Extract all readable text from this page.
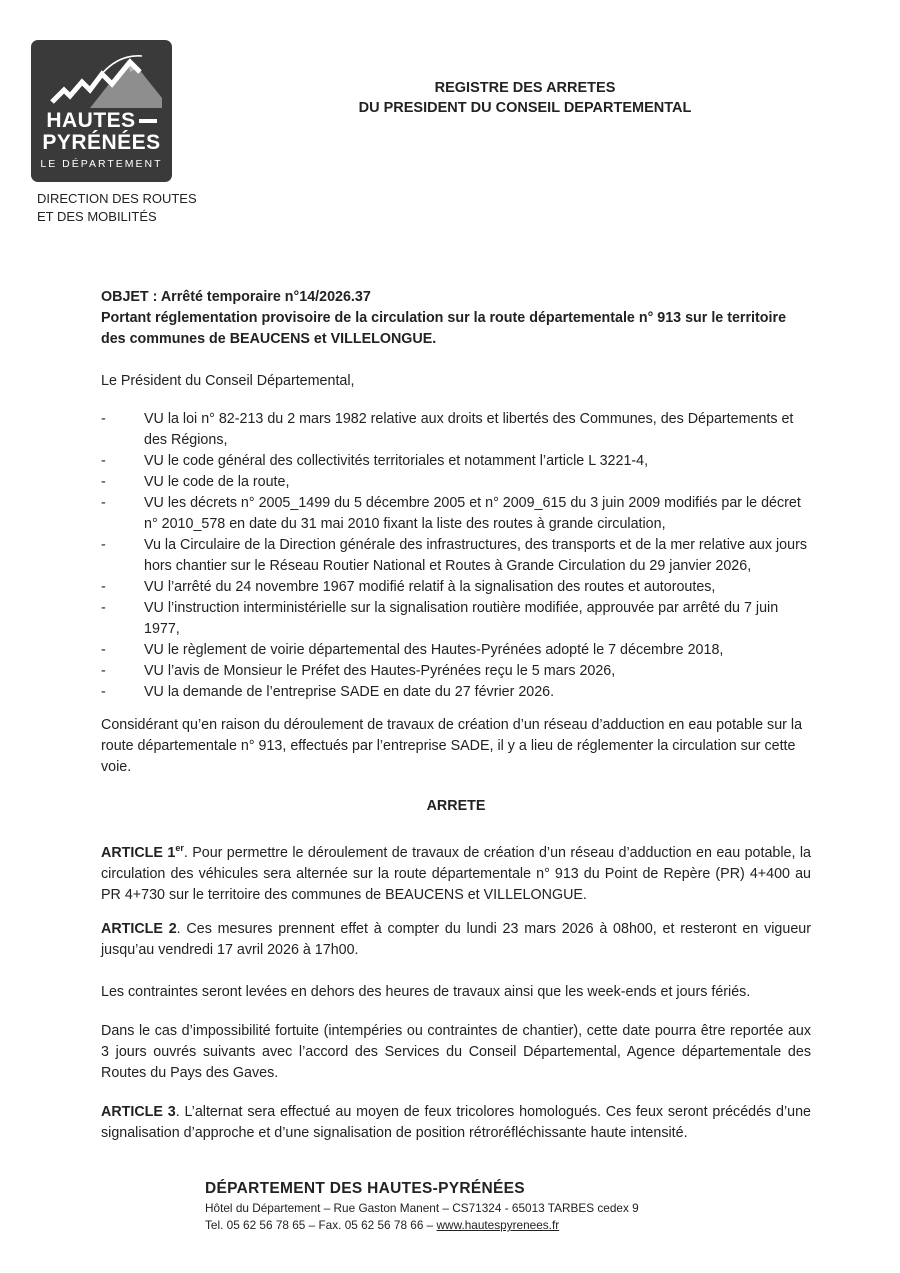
HAUTES
PYRÉNÉES
LE DÉPARTEMENT
DIRECTION DES ROUTES
ET DES MOBILITÉS
REGISTRE DES ARRETES
DU PRESIDENT DU CONSEIL DEPARTEMENTAL
OBJET : Arrêté temporaire n°14/2026.37
Portant réglementation provisoire de la circulation sur la route départementale n° 913 sur le territoire des communes de BEAUCENS et VILLELONGUE.
Le Président du Conseil Départemental,
- VU la loi n° 82-213 du 2 mars 1982 relative aux droits et libertés des Communes, des Départements et des Régions,
- VU le code général des collectivités territoriales et notamment l’article L 3221-4,
- VU le code de la route,
- VU les décrets n° 2005_1499 du 5 décembre 2005 et n° 2009_615 du 3 juin 2009 modifiés par le décret n° 2010_578 en date du 31 mai 2010 fixant la liste des routes à grande circulation,
- Vu la Circulaire de la Direction générale des infrastructures, des transports et de la mer relative aux jours hors chantier sur le Réseau Routier National et Routes à Grande Circulation du 29 janvier 2026,
- VU l’arrêté du 24 novembre 1967 modifié relatif à la signalisation des routes et autoroutes,
- VU l’instruction interministérielle sur la signalisation routière modifiée, approuvée par arrêté du 7 juin 1977,
- VU le règlement de voirie départemental des Hautes-Pyrénées adopté le 7 décembre 2018,
- VU l’avis de Monsieur le Préfet des Hautes-Pyrénées reçu le 5 mars 2026,
- VU la demande de l’entreprise SADE en date du 27 février 2026.
Considérant qu’en raison du déroulement de travaux de création d’un réseau d’adduction en eau potable sur la route départementale n° 913, effectués par l’entreprise SADE, il y a lieu de réglementer la circulation sur cette voie.
ARRETE
ARTICLE 1er. Pour permettre le déroulement de travaux de création d’un réseau d’adduction en eau potable, la circulation des véhicules sera alternée sur la route départementale n° 913 du Point de Repère (PR) 4+400 au PR 4+730 sur le territoire des communes de BEAUCENS et VILLELONGUE.
ARTICLE 2. Ces mesures prennent effet à compter du lundi 23 mars 2026 à 08h00, et resteront en vigueur jusqu’au vendredi 17 avril 2026 à 17h00.
Les contraintes seront levées en dehors des heures de travaux ainsi que les week-ends et jours fériés.
Dans le cas d’impossibilité fortuite (intempéries ou contraintes de chantier), cette date pourra être reportée aux 3 jours ouvrés suivants avec l’accord des Services du Conseil Départemental, Agence départementale des Routes du Pays des Gaves.
ARTICLE 3. L’alternat sera effectué au moyen de feux tricolores homologués. Ces feux seront précédés d’une signalisation d’approche et d’une signalisation de position rétroréfléchissante haute intensité.
DÉPARTEMENT DES HAUTES-PYRÉNÉES
Hôtel du Département – Rue Gaston Manent – CS71324 - 65013 TARBES cedex 9
Tel. 05 62 56 78 65 – Fax. 05 62 56 78 66 – www.hautespyrenees.fr
